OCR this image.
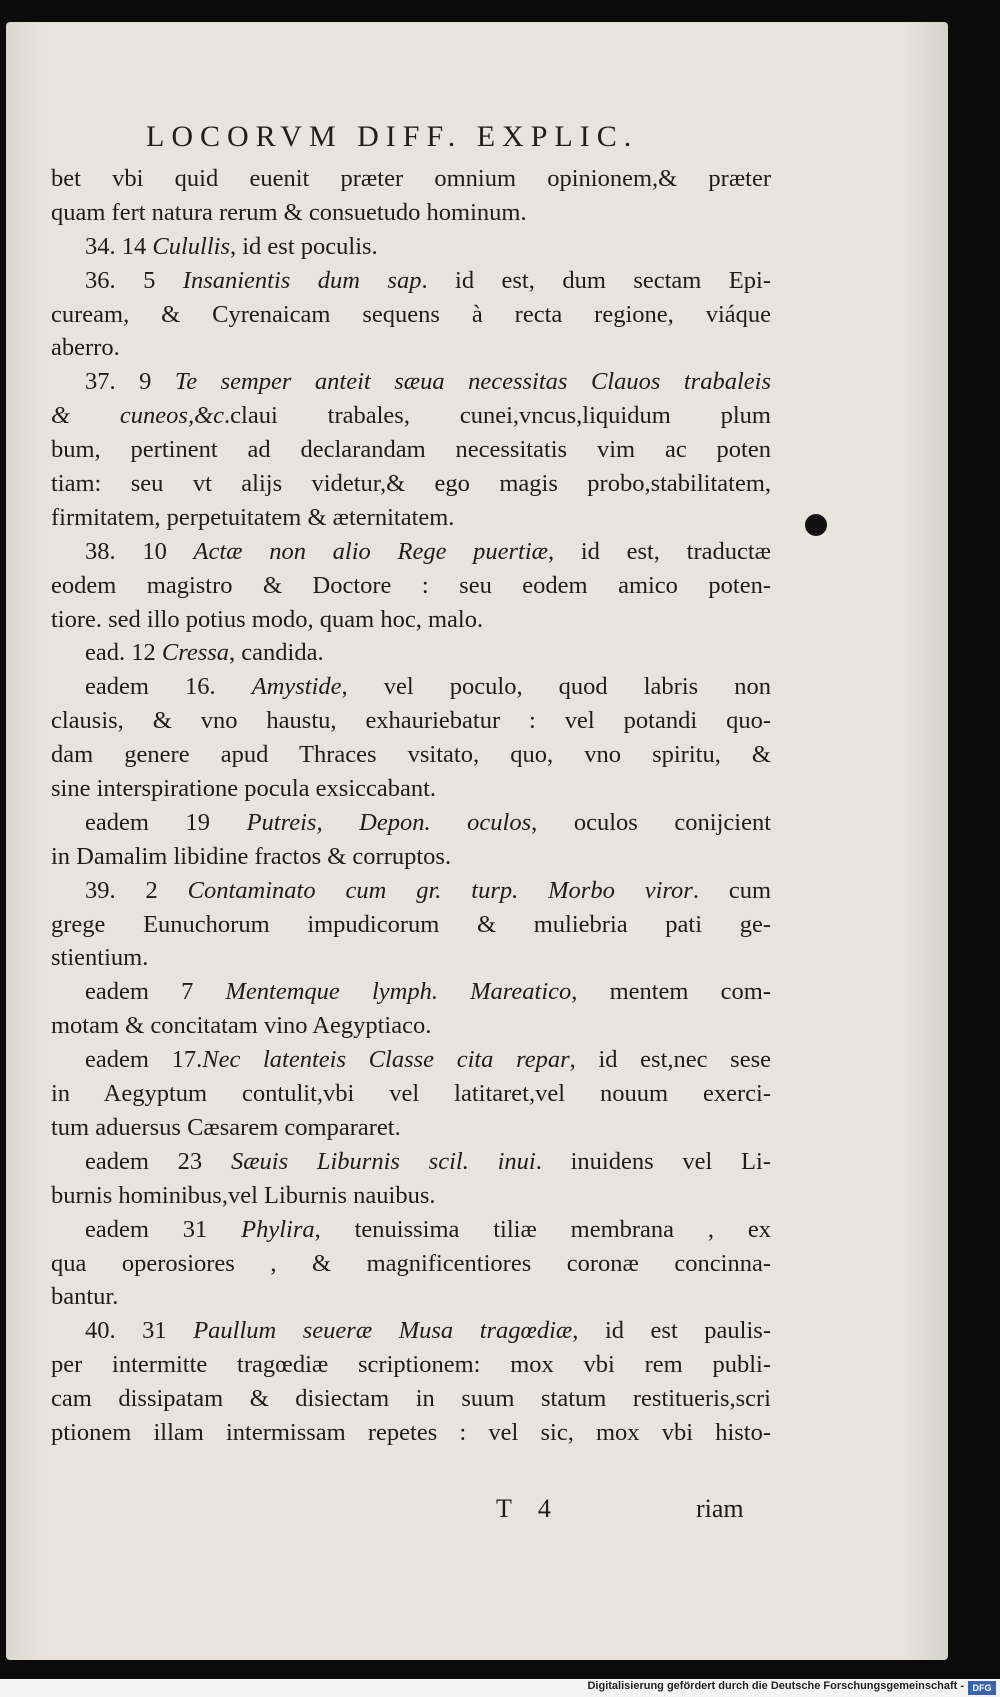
LOCORVM DIFF. EXPLIC.
bet vbi quid euenit præter omnium opinionem,& præter
quam fert natura rerum & consuetudo hominum.
34. 14 Culullis, id est poculis.
36. 5 Insanientis dum sap. id est, dum sectam Epi-
cuream, & Cyrenaicam sequens à recta regione, viáque
aberro.
37. 9 Te semper anteit sæua necessitas Clauos trabaleis
& cuneos,&c.claui trabales, cunei,vncus,liquidum plum
bum, pertinent ad declarandam necessitatis vim ac poten
tiam: seu vt alijs videtur,& ego magis probo,stabilitatem,
firmitatem, perpetuitatem & æternitatem.
38. 10 Actæ non alio Rege puertiæ, id est, traductæ
eodem magistro & Doctore : seu eodem amico poten-
tiore. sed illo potius modo, quam hoc, malo.
ead. 12 Cressa, candida.
eadem 16. Amystide, vel poculo, quod labris non
clausis, & vno haustu, exhauriebatur : vel potandi quo-
dam genere apud Thraces vsitato, quo, vno spiritu, &
sine interspiratione pocula exsiccabant.
eadem 19 Putreis, Depon. oculos, oculos conijcient
in Damalim libidine fractos & corruptos.
39. 2 Contaminato cum gr. turp. Morbo viror. cum
grege Eunuchorum impudicorum & muliebria pati ge-
stientium.
eadem 7 Mentemque lymph. Mareatico, mentem com-
motam & concitatam vino Aegyptiaco.
eadem 17.Nec latenteis Classe cita repar, id est,nec sese
in Aegyptum contulit,vbi vel latitaret,vel nouum exerci-
tum aduersus Cæsarem compararet.
eadem 23 Sæuis Liburnis scil. inui. inuidens vel Li-
burnis hominibus,vel Liburnis nauibus.
eadem 31 Phylira, tenuissima tiliæ membrana , ex
qua operosiores , & magnificentiores coronæ concinna-
bantur.
40. 31 Paullum seueræ Musa tragœdiæ, id est paulis-
per intermitte tragœdiæ scriptionem: mox vbi rem publi-
cam dissipatam & disiectam in suum statum restitueris,scri
ptionem illam intermissam repetes : vel sic, mox vbi histo-
T 4	riam
Digitalisierung gefördert durch die Deutsche Forschungsgemeinschaft - DFG
